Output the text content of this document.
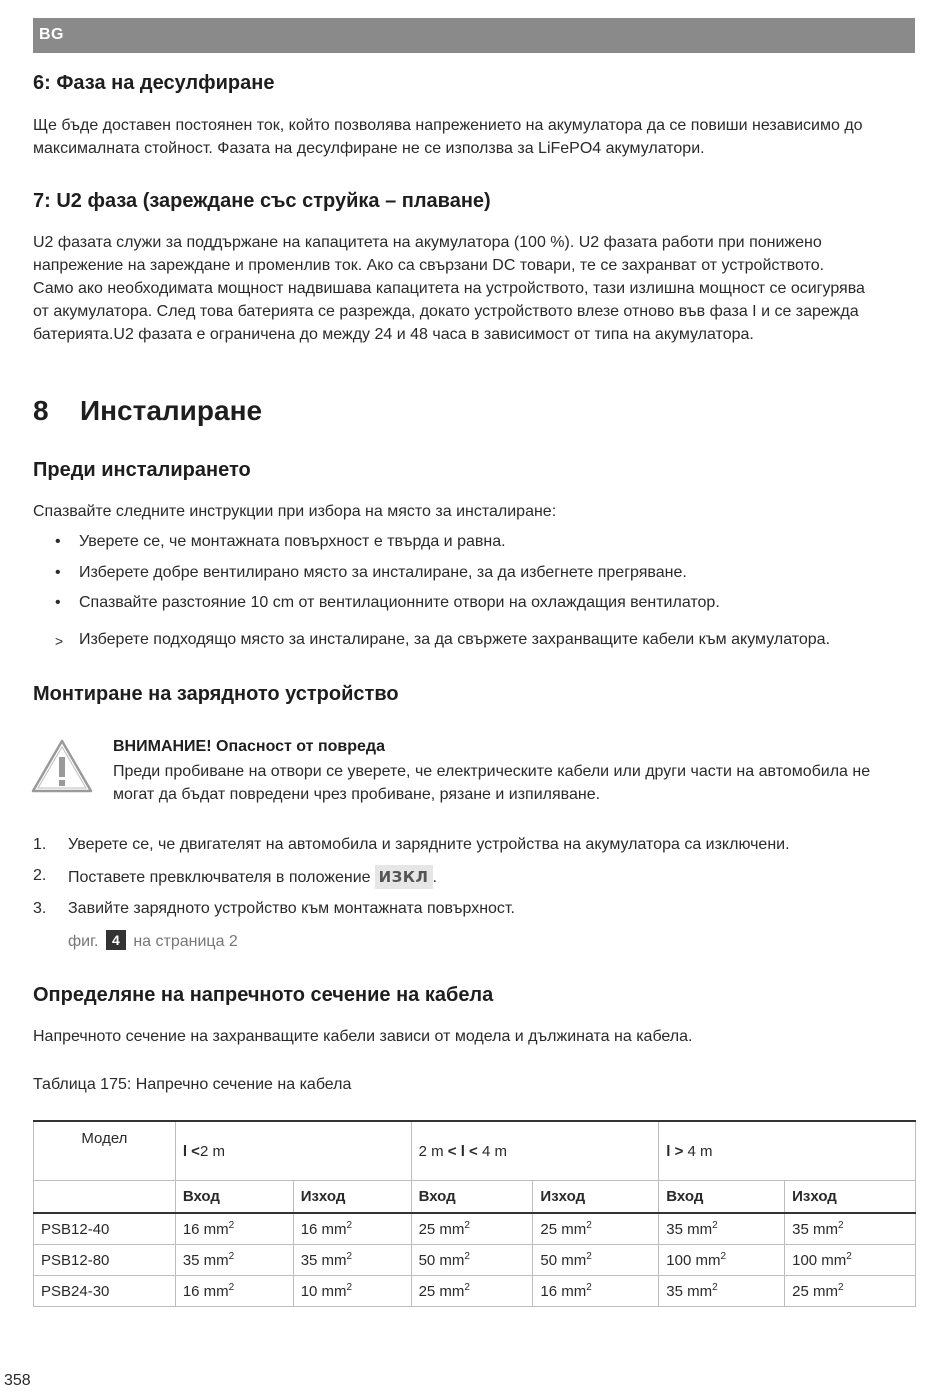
BG
6: Фаза на десулфиране
Ще бъде доставен постоянен ток, който позволява напрежението на акумулатора да се повиши независимо до
максималната стойност. Фазата на десулфиране не се използва за LiFePO4 акумулатори.
7: U2 фаза (зареждане със струйка – плаване)
U2 фазата служи за поддържане на капацитета на акумулатора (100 %). U2 фазата работи при понижено
напрежение на зареждане и променлив ток. Ако са свързани DC товари, те се захранват от устройството.
Само ако необходимата мощност надвишава капацитета на устройството, тази излишна мощност се осигурява
от акумулатора. След това батерията се разрежда, докато устройството влезе отново във фаза I и се зарежда
батерията.U2 фазата е ограничена до между 24 и 48 часа в зависимост от типа на акумулатора.
8 Инсталиране
Преди инсталирането
Спазвайте следните инструкции при избора на място за инсталиране:
• Уверете се, че монтажната повърхност е твърда и равна.
• Изберете добре вентилирано място за инсталиране, за да избегнете прегряване.
• Спазвайте разстояние 10 cm от вентилационните отвори на охлаждащия вентилатор.
> Изберете подходящо място за инсталиране, за да свържете захранващите кабели към акумулатора.
Монтиране на зарядното устройство
ВНИМАНИЕ! Опасност от повреда

Преди пробиване на отвори се уверете, че електрическите кабели или други части на автомобила не могат да бъдат повредени чрез пробиване, рязане и изпиляване.

1. Уверете се, че двигателят на автомобила и зарядните устройства на акумулатора са изключени.
2. Поставете превключвателя в положение ИЗКЛ .
3. Завийте зарядното устройство към монтажната повърхност.
фиг. 4 на страница 2
Определяне на напречното сечение на кабела
Напречното сечение на захранващите кабели зависи от модела и дължината на кабела.
Таблица 175: Напречно сечение на кабела
Модел	l <2 m		2 m < l < 4 m		l > 4 m	
	Вход	Изход	Вход	Изход	Вход	Изход
PSB12-40	16 $mm^2$	16 $mm^2$	25 $mm^2$	25 $mm^2$	35 $mm^2$	35 $mm^2$
PSB12-80	35 $mm^2$	35 $mm^2$	50 $mm^2$	50 $mm^2$	100 $mm^2$	100 $mm^2$
PSB24-30	16 $mm^2$	10 $mm^2$	25 $mm^2$	16 $mm^2$	35 $mm^2$	25 $mm^2$
358
